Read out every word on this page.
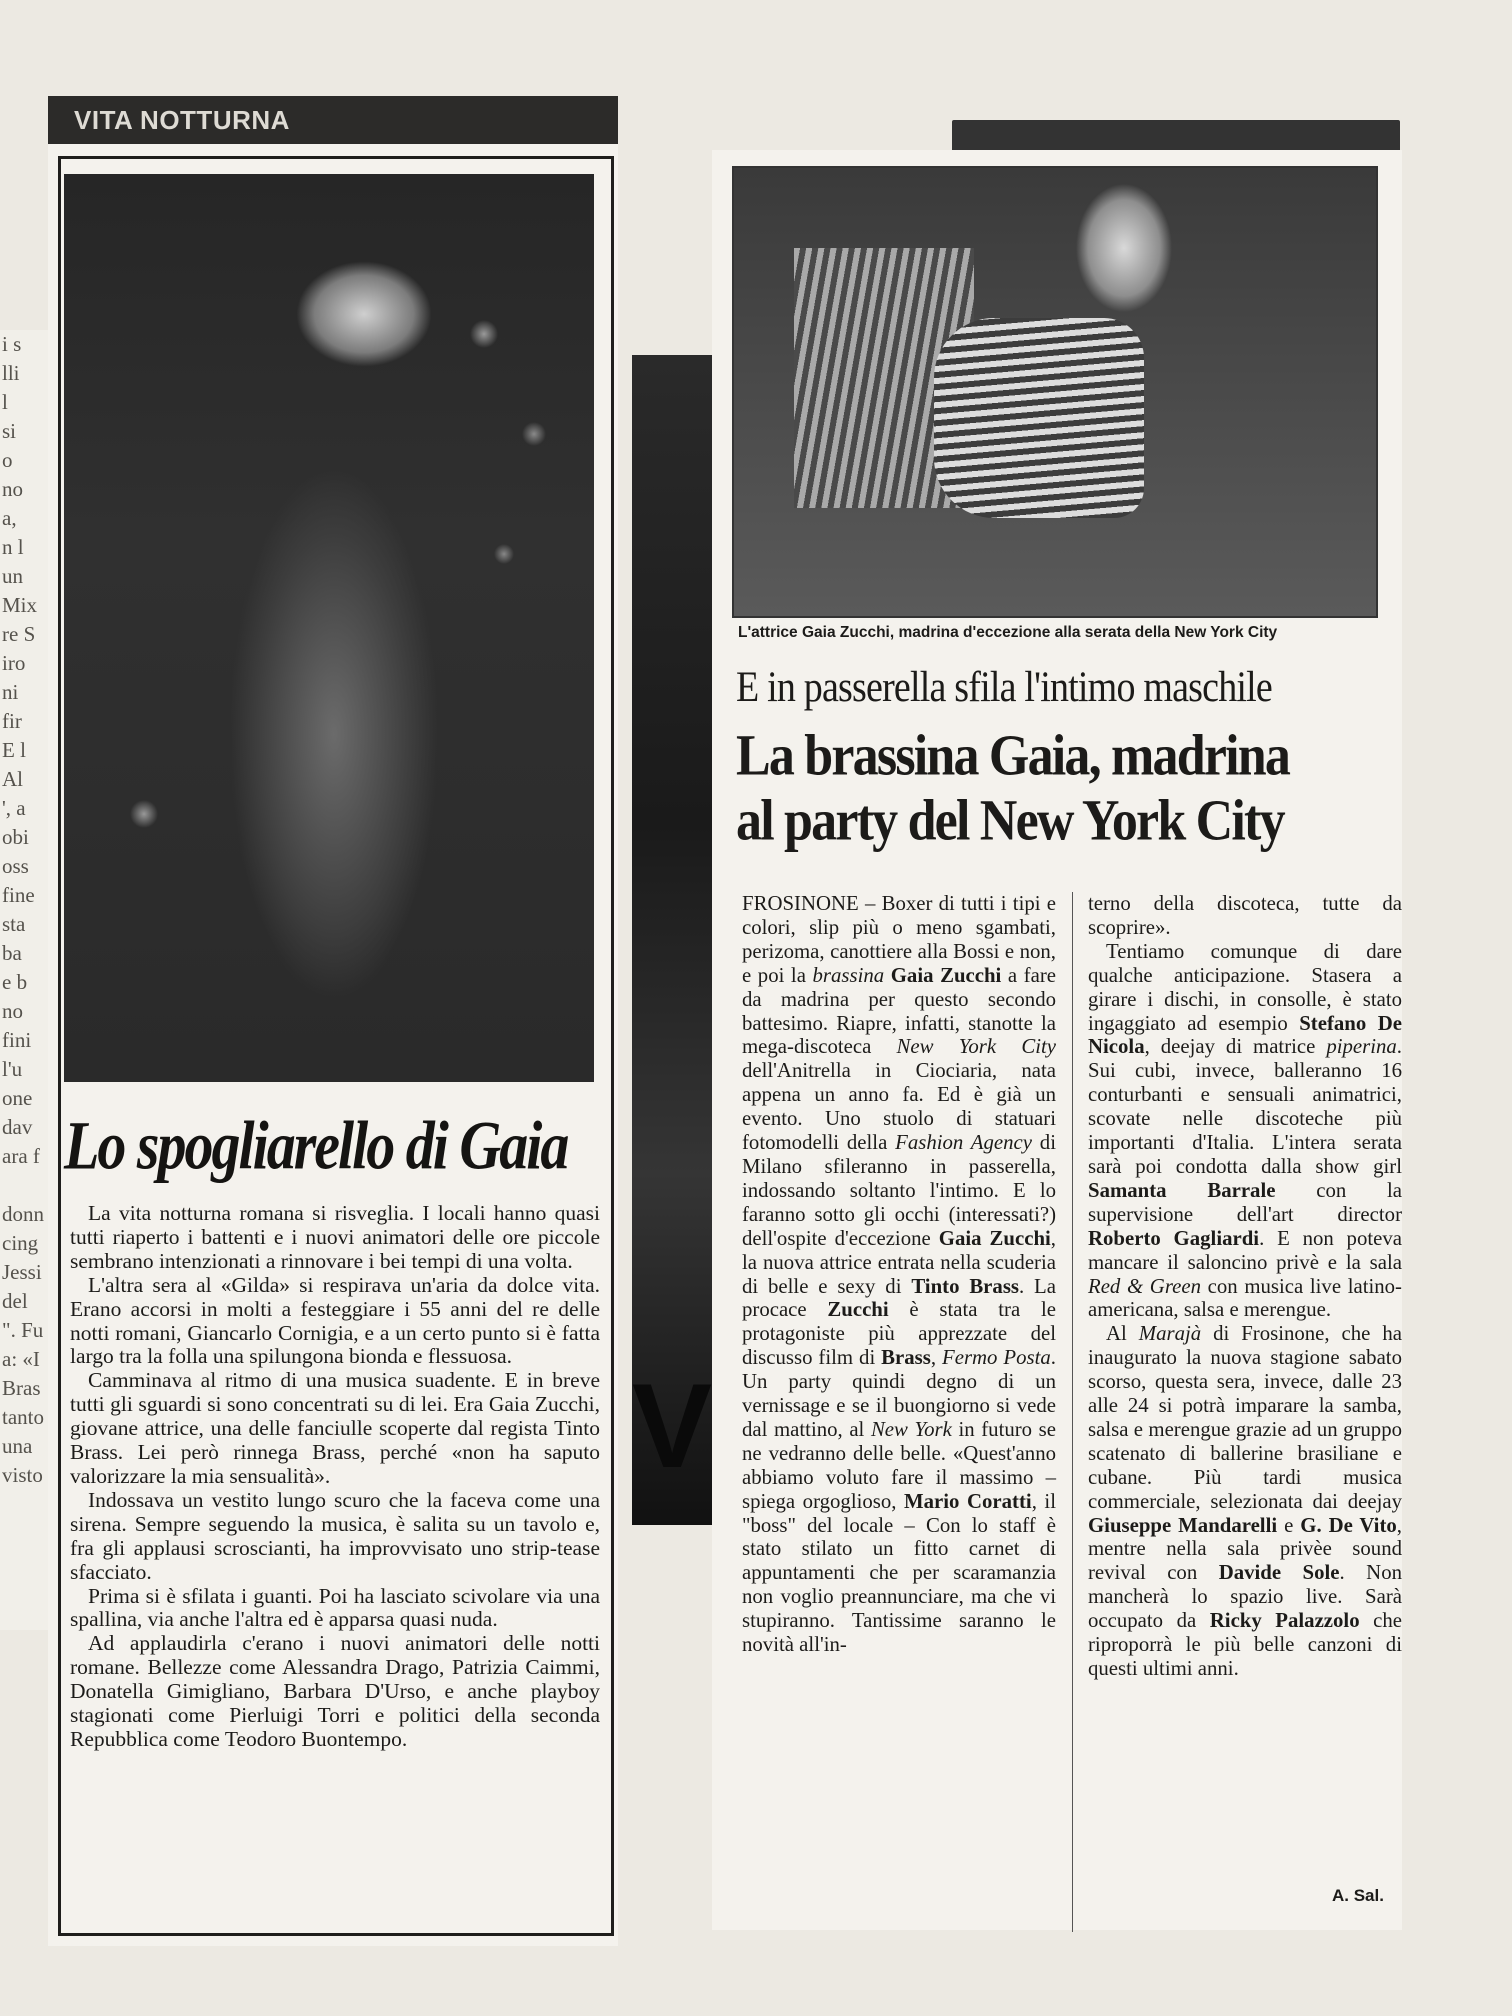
i s
lli
l
si
o
no
a,
n l
un
Mix
re S
iro
ni
fir
E l
Al
', a
obi
oss
fine
sta
ba
e b
no
fini
l'u
one
dav
ara f

donn
cing
Jessi
del
". Fu
a: «I
Bras
tanto
una
visto	V
VITA NOTTURNA
Lo spogliarello di Gaia

La vita notturna romana si risveglia. I locali hanno quasi tutti riaperto i battenti e i nuovi animatori delle ore piccole sembrano intenzionati a rinnovare i bei tempi di una volta.

L'altra sera al «Gilda» si respirava un'aria da dolce vita. Erano accorsi in molti a festeggiare i 55 anni del re delle notti romani, Giancarlo Cornigia, e a un certo punto si è fatta largo tra la folla una spilungona bionda e flessuosa.

Camminava al ritmo di una musica suadente. E in breve tutti gli sguardi si sono concentrati su di lei. Era Gaia Zucchi, giovane attrice, una delle fanciulle scoperte dal regista Tinto Brass. Lei però rinnega Brass, perché «non ha saputo valorizzare la mia sensualità».

Indossava un vestito lungo scuro che la faceva come una sirena. Sempre seguendo la musica, è salita su un tavolo e, fra gli applausi scroscianti, ha improvvisato uno strip-tease sfacciato.

Prima si è sfilata i guanti. Poi ha lasciato scivolare via una spallina, via anche l'altra ed è apparsa quasi nuda.

Ad applaudirla c'erano i nuovi animatori delle notti romane. Bellezze come Alessandra Drago, Patrizia Caimmi, Donatella Gimigliano, Barbara D'Urso, e anche playboy stagionati come Pierluigi Torri e politici della seconda Repubblica come Teodoro Buontempo.

L'attrice Gaia Zucchi, madrina d'eccezione alla serata della New York City
E in passerella sfila l'intimo maschile
La brassina Gaia, madrina
al party del New York City

FROSINONE – Boxer di tutti i tipi e colori, slip più o meno sgambati, perizoma, canottiere alla Bossi e non, e poi la brassina Gaia Zucchi a fare da madrina per questo secondo battesimo. Riapre, infatti, stanotte la mega-discoteca New York City dell'Anitrella in Ciociaria, nata appena un anno fa. Ed è già un evento. Uno stuolo di statuari fotomodelli della Fashion Agency di Milano sfileranno in passerella, indossando soltanto l'intimo. E lo faranno sotto gli occhi (interessati?) dell'ospite d'eccezione Gaia Zucchi, la nuova attrice entrata nella scuderia di belle e sexy di Tinto Brass. La procace Zucchi è stata tra le protagoniste più apprezzate del discusso film di Brass, Fermo Posta. Un party quindi degno di un vernissage e se il buongiorno si vede dal mattino, al New York in futuro se ne vedranno delle belle. «Quest'anno abbiamo voluto fare il massimo – spiega orgoglioso, Mario Coratti, il "boss" del locale – Con lo staff è stato stilato un fitto carnet di appuntamenti che per scaramanzia non voglio preannunciare, ma che vi stupiranno. Tantissime saranno le novità all'in-

terno della discoteca, tutte da scoprire».

Tentiamo comunque di dare qualche anticipazione. Stasera a girare i dischi, in consolle, è stato ingaggiato ad esempio Stefano De Nicola, deejay di matrice piperina. Sui cubi, invece, balleranno 16 conturbanti e sensuali animatrici, scovate nelle discoteche più importanti d'Italia. L'intera serata sarà poi condotta dalla show girl Samanta Barrale con la supervisione dell'art director Roberto Gagliardi. E non poteva mancare il saloncino privè e la sala Red & Green con musica live latino-americana, salsa e merengue.

Al Marajà di Frosinone, che ha inaugurato la nuova stagione sabato scorso, questa sera, invece, dalle 23 alle 24 si potrà imparare la samba, salsa e merengue grazie ad un gruppo scatenato di ballerine brasiliane e cubane. Più tardi musica commerciale, selezionata dai deejay Giuseppe Mandarelli e G. De Vito, mentre nella sala privèe sound revival con Davide Sole. Non mancherà lo spazio live. Sarà occupato da Ricky Palazzolo che riproporrà le più belle canzoni di questi ultimi anni.

A. Sal.
